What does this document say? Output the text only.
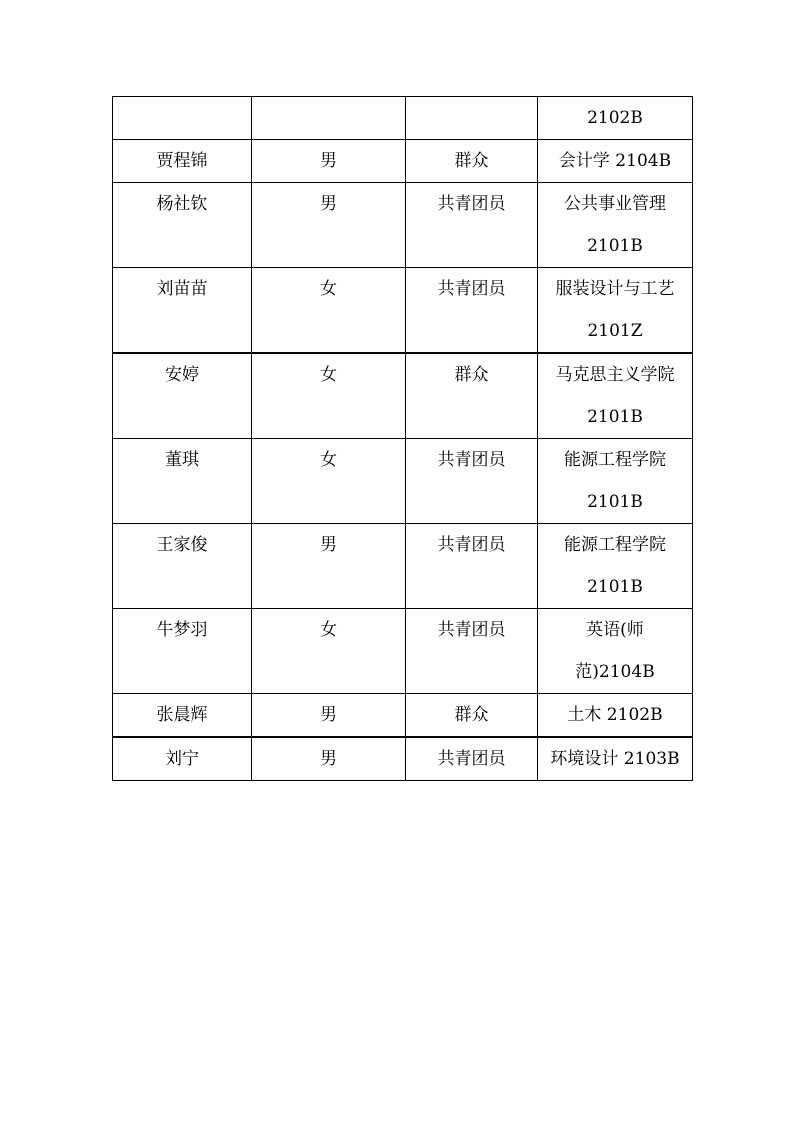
			2102B

贾程锦	男	群众	会计学 2104B

杨社钦	男	共青团员	公共事业管理
2101B

刘苗苗	女	共青团员	服装设计与工艺
2101Z

安婷	女	群众	马克思主义学院
2101B

董琪	女	共青团员	能源工程学院
2101B

王家俊	男	共青团员	能源工程学院
2101B

牛梦羽	女	共青团员	英语(师
范)2104B

张晨辉	男	群众	土木 2102B

刘宁	男	共青团员	环境设计 2103B
